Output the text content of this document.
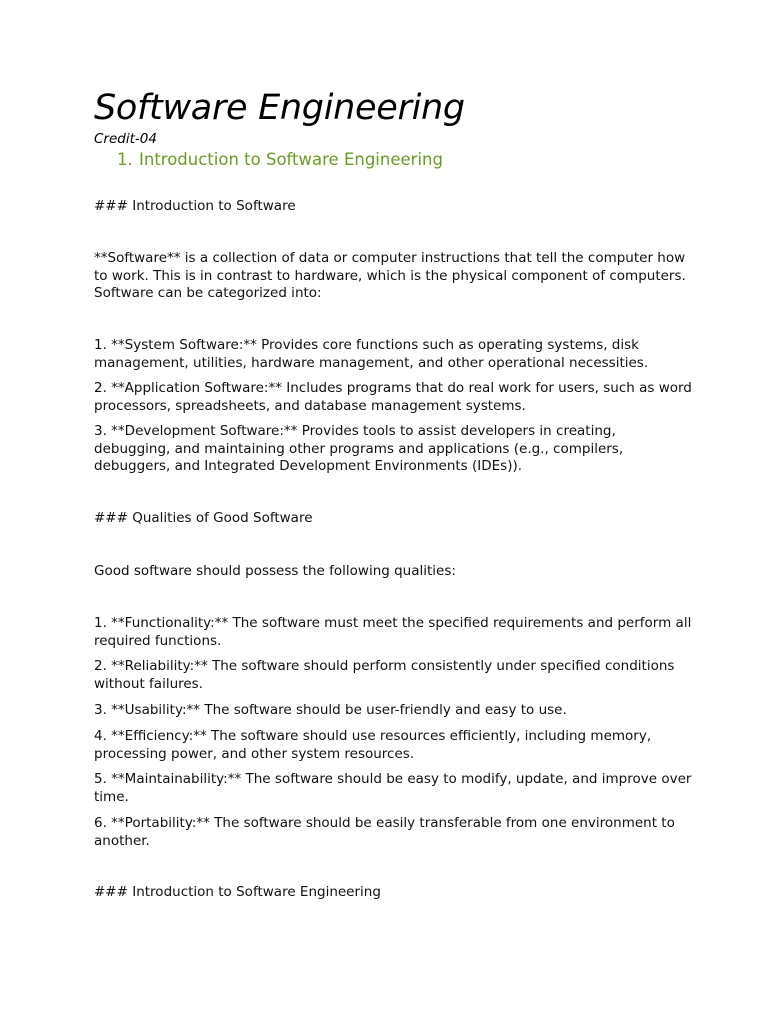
Software Engineering
Credit-04
1. Introduction to Software Engineering

### Introduction to Software

**Software** is a collection of data or computer instructions that tell the computer how to work. This is in contrast to hardware, which is the physical component of computers. Software can be categorized into:

1. **System Software:** Provides core functions such as operating systems, disk management, utilities, hardware management, and other operational necessities.

2. **Application Software:** Includes programs that do real work for users, such as word processors, spreadsheets, and database management systems.

3. **Development Software:** Provides tools to assist developers in creating, debugging, and maintaining other programs and applications (e.g., compilers, debuggers, and Integrated Development Environments (IDEs)).

### Qualities of Good Software

Good software should possess the following qualities:

1. **Functionality:** The software must meet the specified requirements and perform all required functions.

2. **Reliability:** The software should perform consistently under specified conditions without failures.

3. **Usability:** The software should be user-friendly and easy to use.

4. **Efficiency:** The software should use resources efficiently, including memory, processing power, and other system resources.

5. **Maintainability:** The software should be easy to modify, update, and improve over time.

6. **Portability:** The software should be easily transferable from one environment to another.

### Introduction to Software Engineering
